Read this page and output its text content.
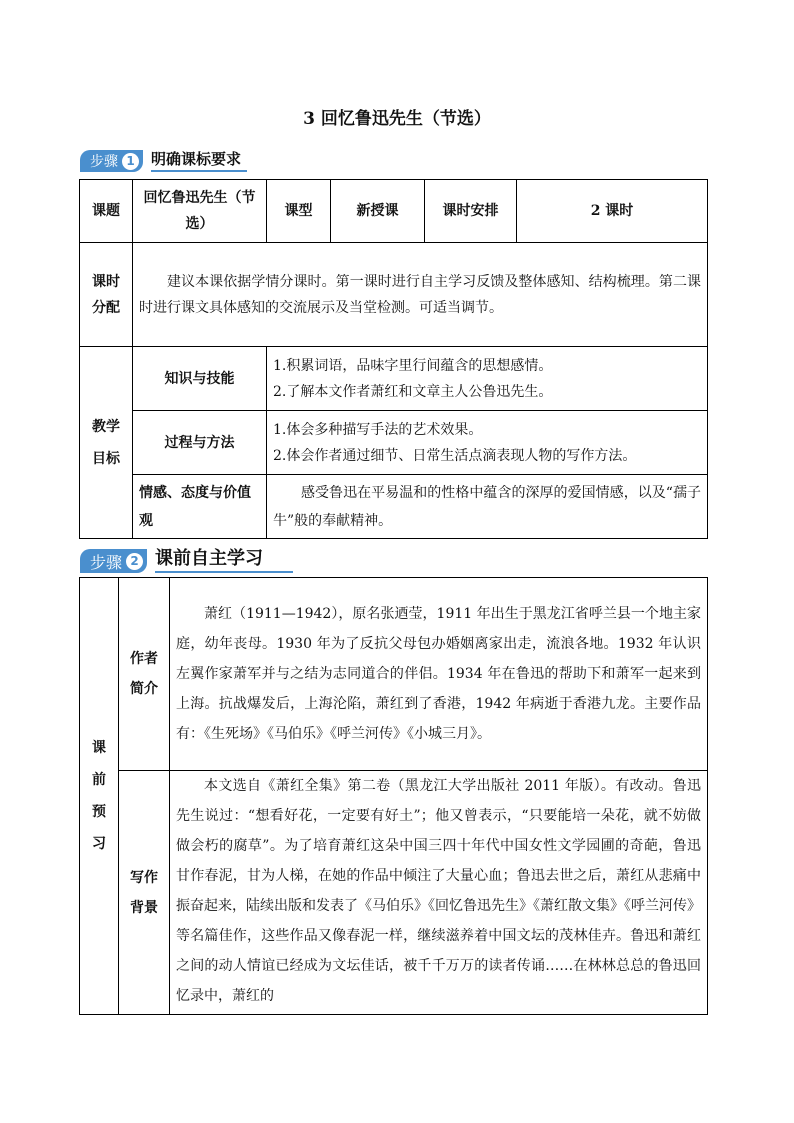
3 回忆鲁迅先生（节选）
步骤 1 明确课标要求
课题	回忆鲁迅先生（节选）	课型	新授课	课时安排	2 课时
课时分配	建议本课依据学情分课时。第一课时进行自主学习反馈及整体感知、结构梳理。第二课时进行课文具体感知的交流展示及当堂检测。可适当调节。				
教学目标	知识与技能	1.积累词语，品味字里行间蕴含的思想感情。
2.了解本文作者萧红和文章主人公鲁迅先生。			

	过程与方法	1.体会多种描写手法的艺术效果。
2.体会作者通过细节、日常生活点滴表现人物的写作方法。			

	情感、态度与价值观	感受鲁迅在平易温和的性格中蕴含的深厚的爱国情感，以及“孺子牛”般的奉献精神。			
步骤 2 课前自主学习
课前预习	作者简介	萧红（1911—1942），原名张迺莹，1911 年出生于黑龙江省呼兰县一个地主家庭，幼年丧母。1930 年为了反抗父母包办婚姻离家出走，流浪各地。1932 年认识左翼作家萧军并与之结为志同道合的伴侣。1934 年在鲁迅的帮助下和萧军一起来到上海。抗战爆发后，上海沦陷，萧红到了香港，1942 年病逝于香港九龙。主要作品有：《生死场》《马伯乐》《呼兰河传》《小城三月》。
	写作背景	本文选自《萧红全集》第二卷（黑龙江大学出版社 2011 年版）。有改动。鲁迅先生说过：“想看好花，一定要有好土”；他又曾表示，“只要能培一朵花，就不妨做做会朽的腐草”。为了培育萧红这朵中国三四十年代中国女性文学园圃的奇葩，鲁迅甘作春泥，甘为人梯，在她的作品中倾注了大量心血；鲁迅去世之后，萧红从悲痛中振奋起来，陆续出版和发表了《马伯乐》《回忆鲁迅先生》《萧红散文集》《呼兰河传》等名篇佳作，这些作品又像春泥一样，继续滋养着中国文坛的茂林佳卉。鲁迅和萧红之间的动人情谊已经成为文坛佳话，被千千万万的读者传诵……在林林总总的鲁迅回忆录中，萧红的
